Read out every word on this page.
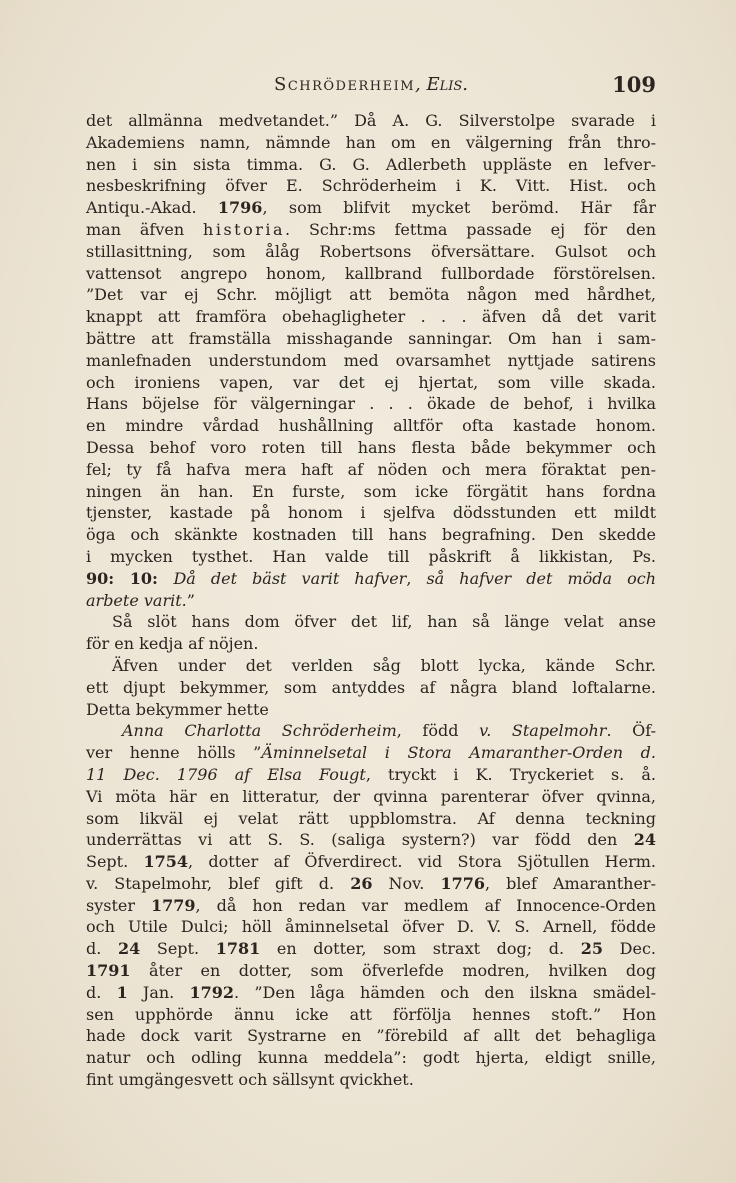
Schröderheim, Elis.	109
det allmänna medvetandet.” Då A. G. Silverstolpe svarade i
Akademiens namn, nämnde han om en välgerning från thro-
nen i sin sista timma. G. G. Adlerbeth uppläste en lefver-
nesbeskrifning öfver E. Schröderheim i K. Vitt. Hist. och
Antiqu.-Akad. 1796, som blifvit mycket berömd. Här får
man äfven historia. Schr:ms fettma passade ej för den
stillasittning, som ålåg Robertsons öfversättare. Gulsot och
vattensot angrepo honom, kallbrand fullbordade förstörelsen.
”Det var ej Schr. möjligt att bemöta någon med hårdhet,
knappt att framföra obehagligheter . . . äfven då det varit
bättre att framställa misshagande sanningar. Om han i sam-
manlefnaden understundom med ovarsamhet nyttjade satirens
och ironiens vapen, var det ej hjertat, som ville skada.
Hans böjelse för välgerningar . . . ökade de behof, i hvilka
en mindre vårdad hushållning alltför ofta kastade honom.
Dessa behof voro roten till hans flesta både bekymmer och
fel; ty få hafva mera haft af nöden och mera föraktat pen-
ningen än han. En furste, som icke förgätit hans fordna
tjenster, kastade på honom i sjelfva dödsstunden ett mildt
öga och skänkte kostnaden till hans begrafning. Den skedde
i mycken tysthet. Han valde till påskrift å likkistan, Ps.
90: 10: Då det bäst varit hafver, så hafver det möda och
arbete varit.”
Så slöt hans dom öfver det lif, han så länge velat anse
för en kedja af nöjen.
Äfven under det verlden såg blott lycka, kände Schr.
ett djupt bekymmer, som antyddes af några bland loftalarne.
Detta bekymmer hette
Anna Charlotta Schröderheim, född v. Stapelmohr. Öf-
ver henne hölls ”Äminnelsetal i Stora Amaranther-Orden d.
11 Dec. 1796 af Elsa Fougt, tryckt i K. Tryckeriet s. å.
Vi möta här en litteratur, der qvinna parenterar öfver qvinna,
som likväl ej velat rätt uppblomstra. Af denna teckning
underrättas vi att S. S. (saliga systern?) var född den 24
Sept. 1754, dotter af Öfverdirect. vid Stora Sjötullen Herm.
v. Stapelmohr, blef gift d. 26 Nov. 1776, blef Amaranther-
syster 1779, då hon redan var medlem af Innocence-Orden
och Utile Dulci; höll åminnelsetal öfver D. V. S. Arnell, födde
d. 24 Sept. 1781 en dotter, som straxt dog; d. 25 Dec.
1791 åter en dotter, som öfverlefde modren, hvilken dog
d. 1 Jan. 1792. ”Den låga hämden och den ilskna smädel-
sen upphörde ännu icke att förfölja hennes stoft.” Hon
hade dock varit Systrarne en ”förebild af allt det behagliga
natur och odling kunna meddela”: godt hjerta, eldigt snille,
fint umgängesvett och sällsynt qvickhet.
